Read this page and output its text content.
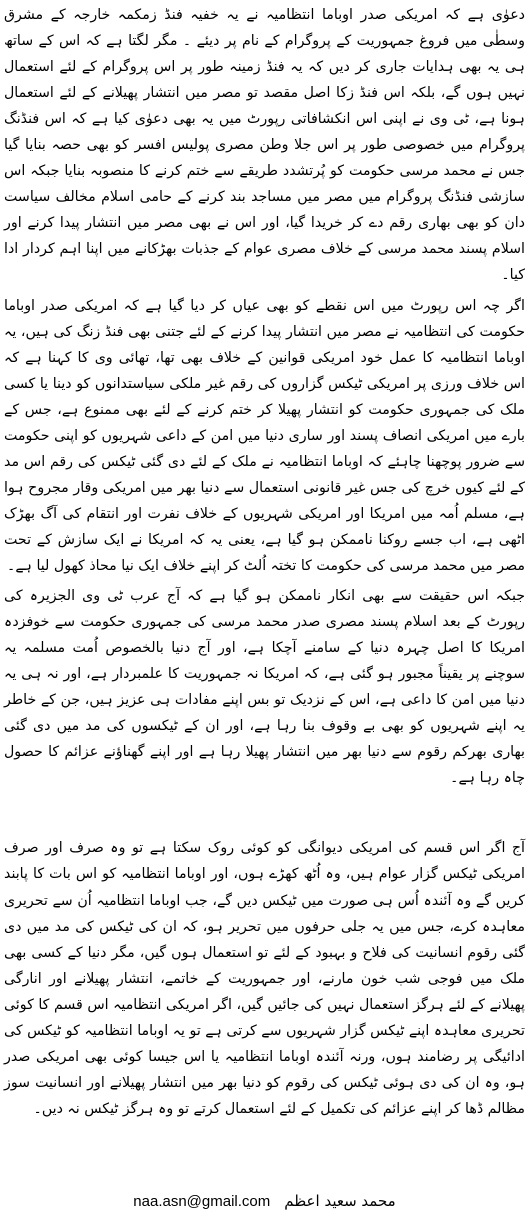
دعوٰی ہے کہ امریکی صدر اوباما انتظامیہ نے یہ خفیہ فنڈ زمکمہ خارجہ کے مشرق وسطٰی میں فروغ جمہوریت کے پروگرام کے نام پر دیئے ۔ مگر لگتا ہے کہ اس کے ساتھ ہی یہ بھی ہدایات جاری کر دیں کہ یہ فنڈ زمینہ طور پر اس پروگرام کے لئے استعمال نہیں ہوں گے، بلکہ اس فنڈ زکا اصل مقصد تو مصر میں انتشار پھیلانے کے لئے استعمال ہونا ہے، ٹی وی نے اپنی اس انکشافاتی رپورٹ میں یہ بھی دعوٰی کیا ہے کہ اس فنڈنگ پروگرام میں خصوصی طور پر اس جلا وطن مصری پولیس افسر کو بھی حصہ بنایا گیا جس نے محمد مرسی حکومت کو پُرتشدد طریقے سے ختم کرنے کا منصوبہ بنایا جبکہ اس سازشی فنڈنگ پروگرام میں مصر میں مساجد بند کرنے کے حامی اسلام مخالف سیاست دان کو بھی بھاری رقم دے کر خریدا گیا، اور اس نے بھی مصر میں انتشار پیدا کرنے اور اسلام پسند محمد مرسی کے خلاف مصری عوام کے جذبات بھڑکانے میں اپنا اہم کردار ادا کیا۔

اگر چہ اس رپورٹ میں اس نقطے کو بھی عیاں کر دیا گیا ہے کہ امریکی صدر اوباما حکومت کی انتظامیہ نے مصر میں انتشار پیدا کرنے کے لئے جتنی بھی فنڈ زنگ کی ہیں، یہ اوباما انتظامیہ کا عمل خود امریکی قوانین کے خلاف بھی تھا، تھائی وی کا کہنا ہے کہ اس خلاف ورزی پر امریکی ٹیکس گزاروں کی رقم غیر ملکی سیاستدانوں کو دینا یا کسی ملک کی جمہوری حکومت کو انتشار پھیلا کر ختم کرنے کے لئے بھی ممنوع ہے، جس کے بارے میں امریکی انصاف پسند اور ساری دنیا میں امن کے داعی شہریوں کو اپنی حکومت سے ضرور پوچھنا چاہئے کہ اوباما انتظامیہ نے ملک کے لئے دی گئی ٹیکس کی رقم اس مد کے لئے کیوں خرچ کی جس غیر قانونی استعمال سے دنیا بھر میں امریکی وقار مجروح ہوا ہے، مسلم اُمہ میں امریکا اور امریکی شہریوں کے خلاف نفرت اور انتقام کی آگ بھڑک اٹھی ہے، اب جسے روکنا ناممکن ہو گیا ہے، یعنی یہ کہ امریکا نے ایک سازش کے تحت مصر میں محمد مرسی کی حکومت کا تختہ اُلٹ کر اپنے خلاف ایک نیا محاذ کھول لیا ہے۔

جبکہ اس حقیقت سے بھی انکار ناممکن ہو گیا ہے کہ آج عرب ٹی وی الجزیرہ کی رپورٹ کے بعد اسلام پسند مصری صدر محمد مرسی کی جمہوری حکومت سے خوفزدہ امریکا کا اصل چہرہ دنیا کے سامنے آچکا ہے، اور آج دنیا بالخصوص اُمت مسلمہ یہ سوچنے پر یقیناً مجبور ہو گئی ہے، کہ امریکا نہ جمہوریت کا علمبردار ہے، اور نہ ہی یہ دنیا میں امن کا داعی ہے، اس کے نزدیک تو بس اپنے مفادات ہی عزیز ہیں، جن کے خاطر یہ اپنے شہریوں کو بھی بے وقوف بنا رہا ہے، اور ان کے ٹیکسوں کی مد میں دی گئی بھاری بھرکم رقوم سے دنیا بھر میں انتشار پھیلا رہا ہے اور اپنے گھناؤنے عزائم کا حصول چاہ رہا ہے۔

آج اگر اس قسم کی امریکی دیوانگی کو کوئی روک سکتا ہے تو وہ صرف اور صرف امریکی ٹیکس گزار عوام ہیں، وہ اُٹھ کھڑے ہوں، اور اوباما انتظامیہ کو اس بات کا پابند کریں گے وہ آئندہ اُس ہی صورت میں ٹیکس دیں گے، جب اوباما انتظامیہ اُن سے تحریری معاہدہ کرے، جس میں یہ جلی حرفوں میں تحریر ہو، کہ ان کی ٹیکس کی مد میں دی گئی رقوم انسانیت کی فلاح و بہبود کے لئے تو استعمال ہوں گیں، مگر دنیا کے کسی بھی ملک میں فوجی شب خون مارنے، اور جمہوریت کے خاتمے، انتشار پھیلانے اور انارگی پھیلانے کے لئے ہرگز استعمال نہیں کی جائیں گیں، اگر امریکی انتظامیہ اس قسم کا کوئی تحریری معاہدہ اپنے ٹیکس گزار شہریوں سے کرتی ہے تو یہ اوباما انتظامیہ کو ٹیکس کی ادائیگی پر رضامند ہوں، ورنہ آئندہ اوباما انتظامیہ یا اس جیسا کوئی بھی امریکی صدر ہو، وہ ان کی دی ہوئی ٹیکس کی رقوم کو دنیا بھر میں انتشار پھیلانے اور انسانیت سوز مظالم ڈھا کر اپنے عزائم کی تکمیل کے لئے استعمال کرتے تو وہ ہرگز ٹیکس نہ دیں۔

naa.asn@gmail.com محمد سعید اعظم
